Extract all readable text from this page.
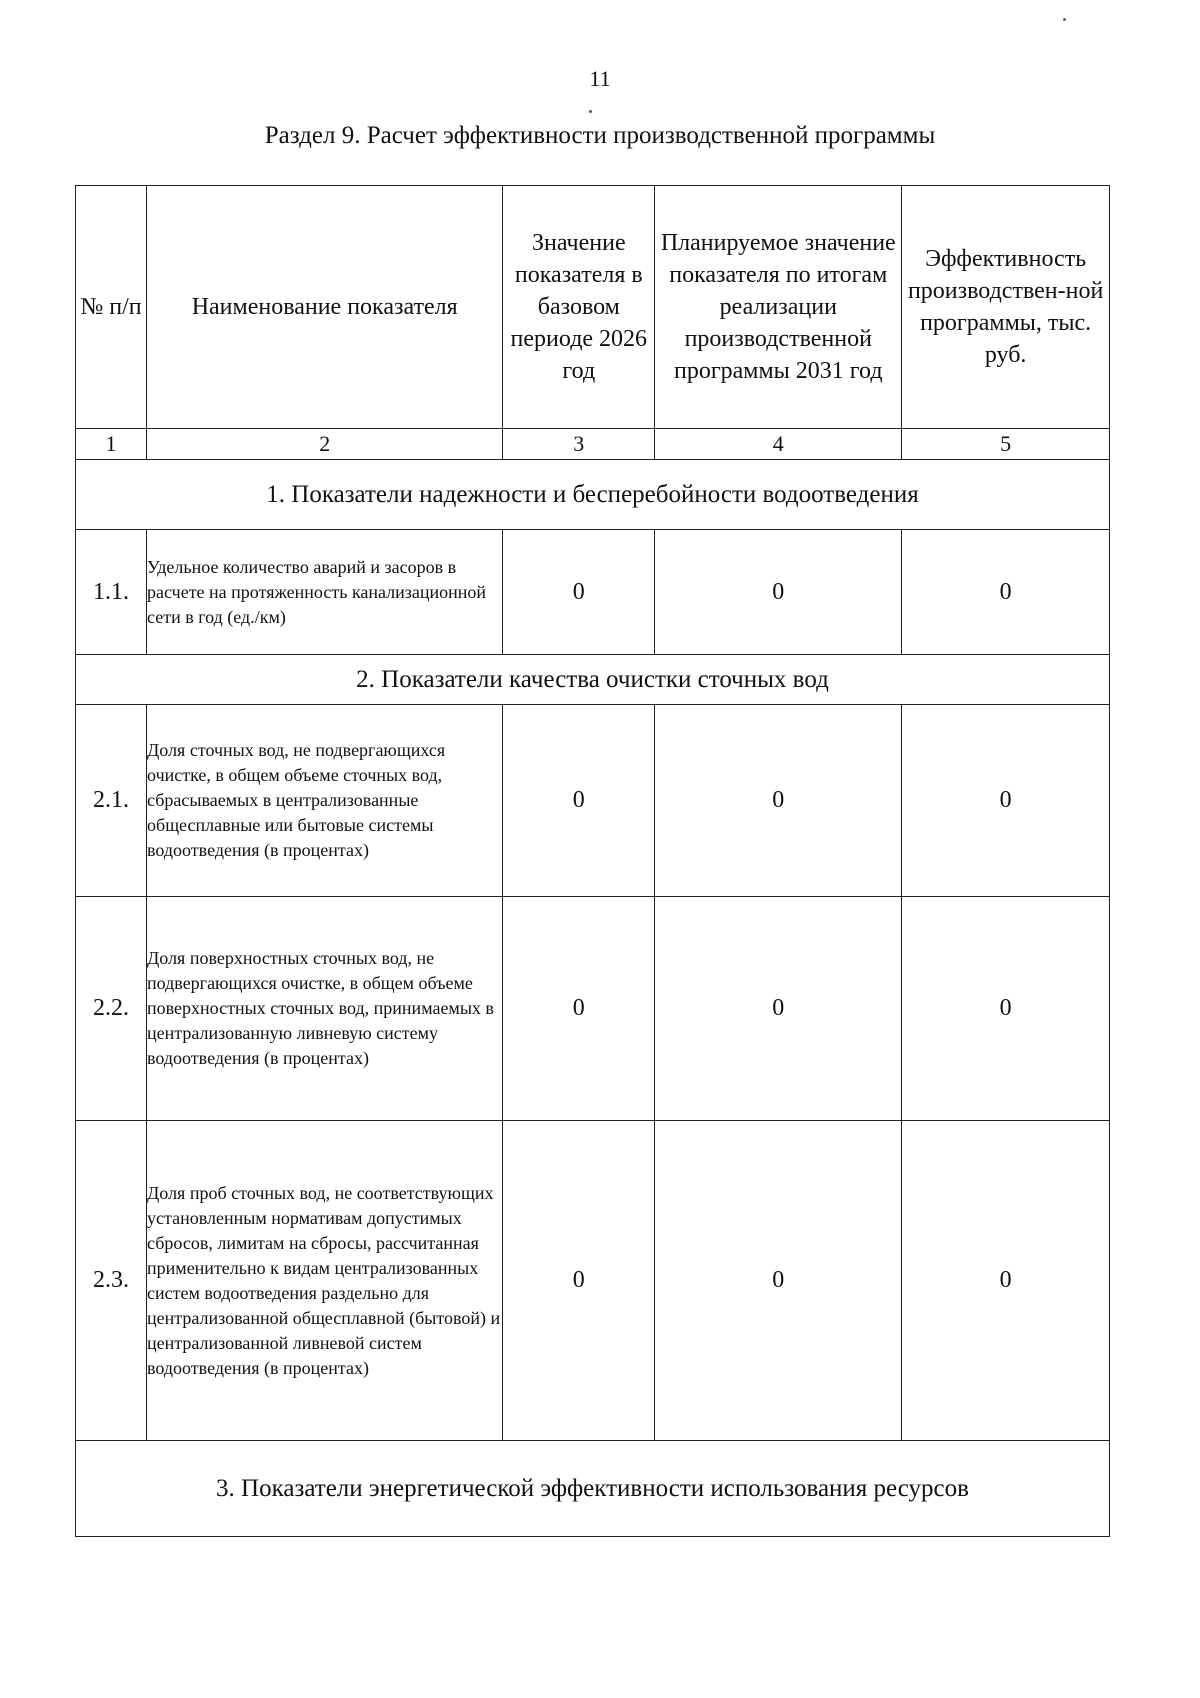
11
Раздел 9. Расчет эффективности производственной программы
№ п/п	Наименование показателя	Значение показателя в базовом периоде 2026 год	Планируемое значение показателя по итогам реализации производственной программы 2031 год	Эффективность производствен-ной программы, тыс. руб.
1	2	3	4	5
1. Показатели надежности и бесперебойности водоотведения				
1.1.	Удельное количество аварий и засоров в расчете на протяженность канализационной сети в год (ед./км)	0	0	0
2. Показатели качества очистки сточных вод				
2.1.	Доля сточных вод, не подвергающихся очистке, в общем объеме сточных вод, сбрасываемых в централизованные общесплавные или бытовые системы водоотведения (в процентах)	0	0	0
2.2.	Доля поверхностных сточных вод, не подвергающихся очистке, в общем объеме поверхностных сточных вод, принимаемых в централизованную ливневую систему водоотведения (в процентах)	0	0	0
2.3.	Доля проб сточных вод, не соответствующих установленным нормативам допустимых сбросов, лимитам на сбросы, рассчитанная применительно к видам централизованных систем водоотведения раздельно для централизованной общесплавной (бытовой) и централизованной ливневой систем водоотведения (в процентах)	0	0	0
3. Показатели энергетической эффективности использования ресурсов				
